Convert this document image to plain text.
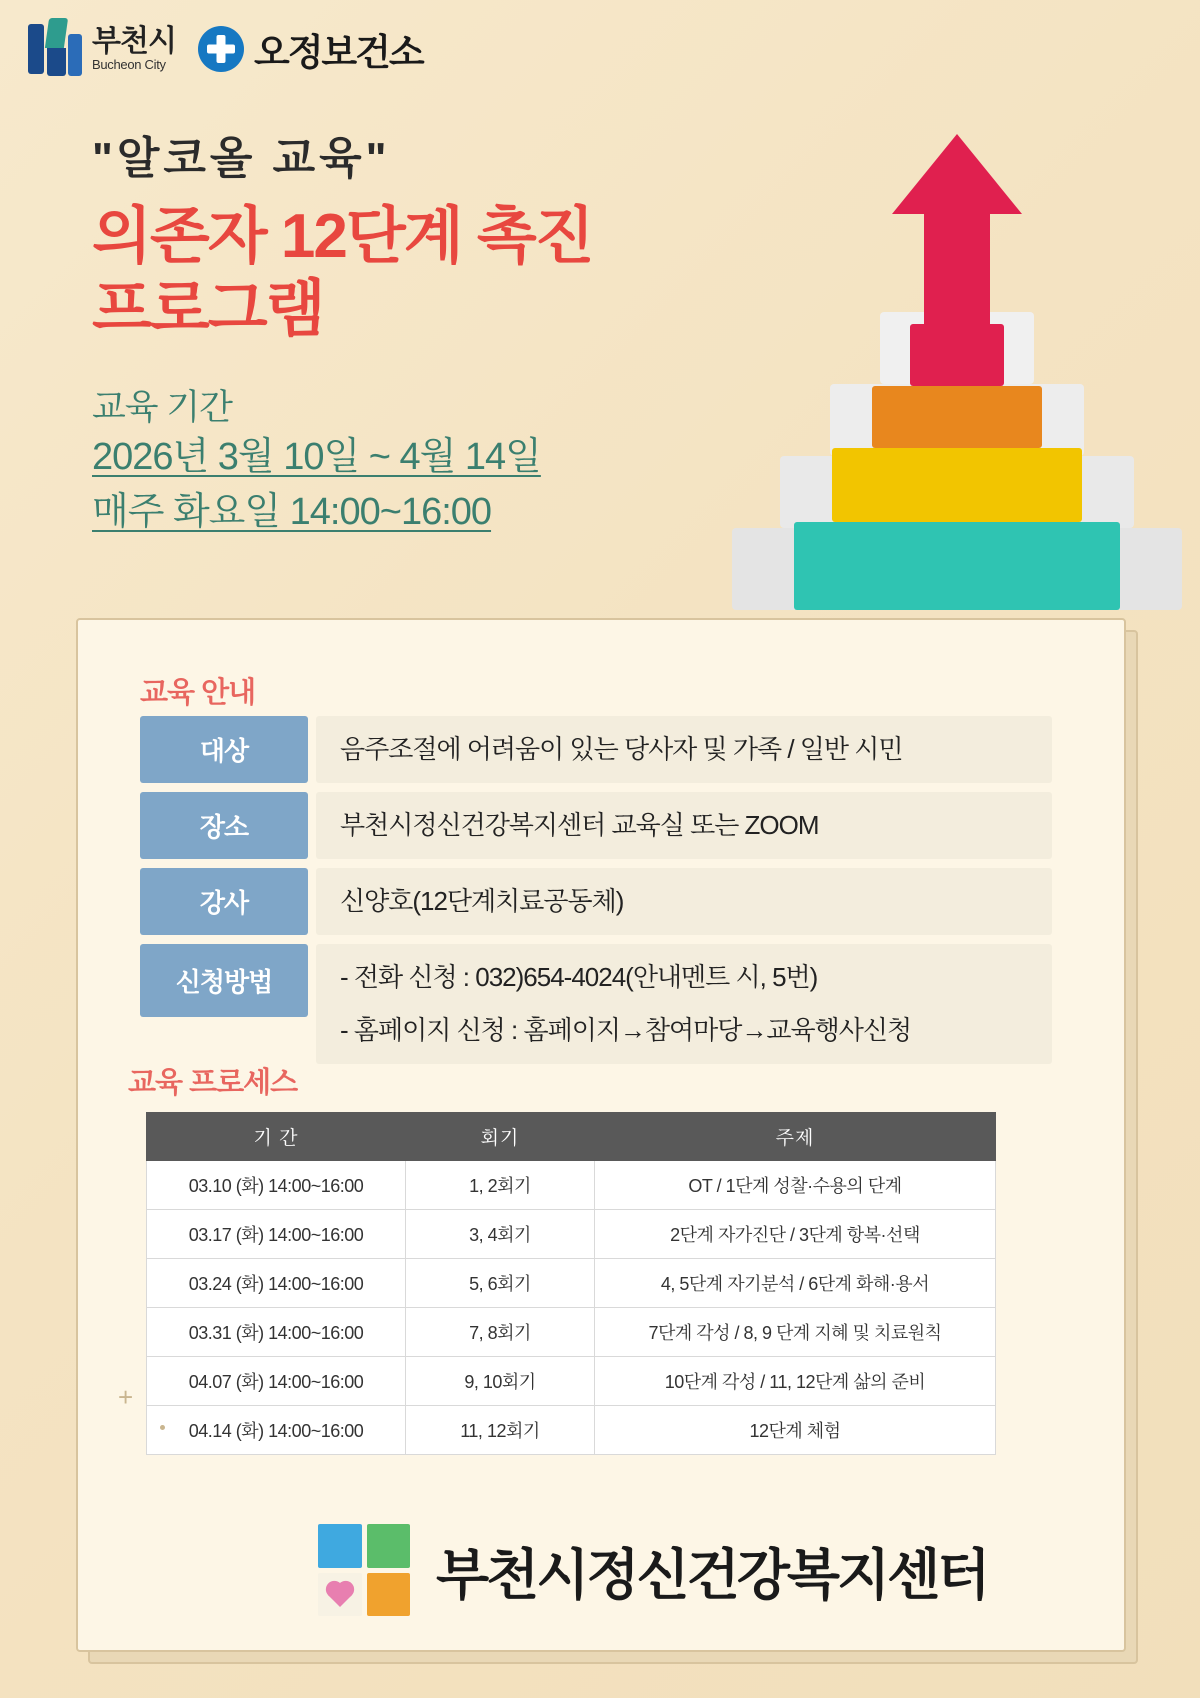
부천시
Bucheon City 오정보건소
"알코올 교육"
의존자 12단계 촉진
프로그램
교육 기간
2026년 3월 10일 ~ 4월 14일
매주 화요일 14:00~16:00
교육 안내
대상	음주조절에 어려움이 있는 당사자 및 가족 / 일반 시민
장소	부천시정신건강복지센터 교육실 또는 ZOOM
강사	신양호(12단계치료공동체)
신청방법	- 전화 신청 : 032)654-4024(안내멘트 시, 5번)
- 홈페이지 신청 : 홈페이지→참여마당→교육행사신청
교육 프로세스
기 간	회기	주제
03.10 (화) 14:00~16:00	1, 2회기	OT / 1단계 성찰·수용의 단계
03.17 (화) 14:00~16:00	3, 4회기	2단계 자가진단 / 3단계 항복·선택
03.24 (화) 14:00~16:00	5, 6회기	4, 5단계 자기분석 / 6단계 화해·용서
03.31 (화) 14:00~16:00	7, 8회기	7단계 각성 / 8, 9 단계 지혜 및 치료원칙
04.07 (화) 14:00~16:00	9, 10회기	10단계 각성 / 11, 12단계 삶의 준비
04.14 (화) 14:00~16:00	11, 12회기	12단계 체험
부천시정신건강복지센터
+
